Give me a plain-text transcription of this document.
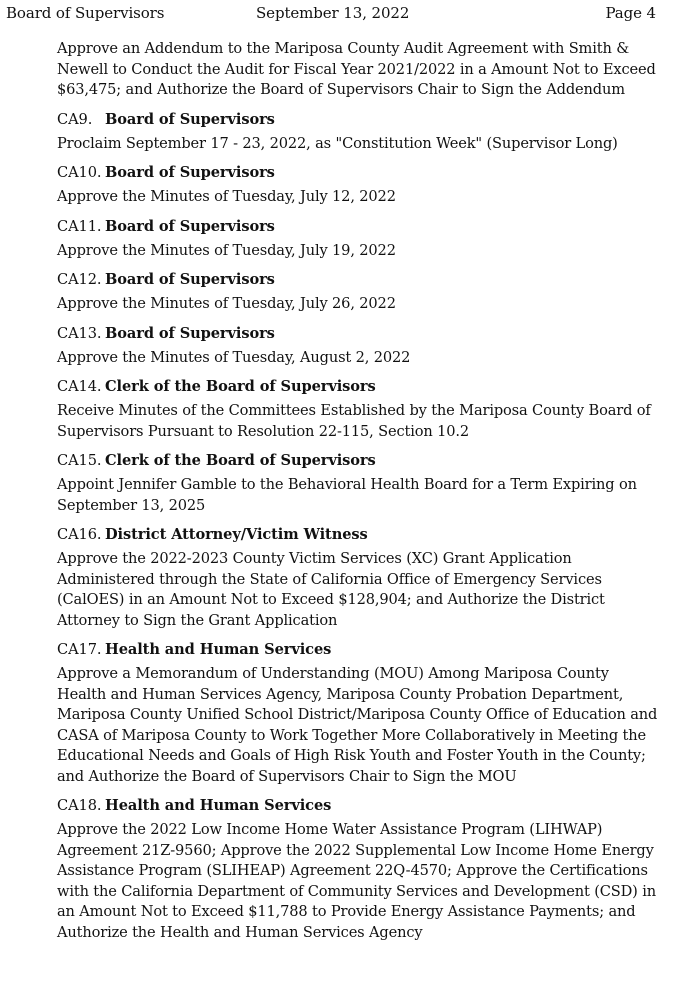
Board of Supervisors	September 13, 2022	Page 4

Approve an Addendum to the Mariposa County Audit Agreement with Smith & Newell to Conduct the Audit for Fiscal Year 2021/2022 in a Amount Not to Exceed $63,475; and Authorize the Board of Supervisors Chair to Sign the Addendum

CA9. Board of Supervisors

Proclaim September 17 - 23, 2022, as "Constitution Week" (Supervisor Long)

CA10. Board of Supervisors

Approve the Minutes of Tuesday, July 12, 2022

CA11. Board of Supervisors

Approve the Minutes of Tuesday, July 19, 2022

CA12. Board of Supervisors

Approve the Minutes of Tuesday, July 26, 2022

CA13. Board of Supervisors

Approve the Minutes of Tuesday, August 2, 2022

CA14. Clerk of the Board of Supervisors

Receive Minutes of the Committees Established by the Mariposa County Board of Supervisors Pursuant to Resolution 22-115, Section 10.2

CA15. Clerk of the Board of Supervisors

Appoint Jennifer Gamble to the Behavioral Health Board for a Term Expiring on September 13, 2025

CA16. District Attorney/Victim Witness

Approve the 2022-2023 County Victim Services (XC) Grant Application Administered through the State of California Office of Emergency Services (CalOES) in an Amount Not to Exceed $128,904; and Authorize the District Attorney to Sign the Grant Application

CA17. Health and Human Services

Approve a Memorandum of Understanding (MOU) Among Mariposa County Health and Human Services Agency, Mariposa County Probation Department, Mariposa County Unified School District/Mariposa County Office of Education and CASA of Mariposa County to Work Together More Collaboratively in Meeting the Educational Needs and Goals of High Risk Youth and Foster Youth in the County; and Authorize the Board of Supervisors Chair to Sign the MOU

CA18. Health and Human Services

Approve the 2022 Low Income Home Water Assistance Program (LIHWAP) Agreement 21Z-9560; Approve the 2022 Supplemental Low Income Home Energy Assistance Program (SLIHEAP) Agreement 22Q-4570; Approve the Certifications with the California Department of Community Services and Development (CSD) in an Amount Not to Exceed $11,788 to Provide Energy Assistance Payments; and Authorize the Health and Human Services Agency
